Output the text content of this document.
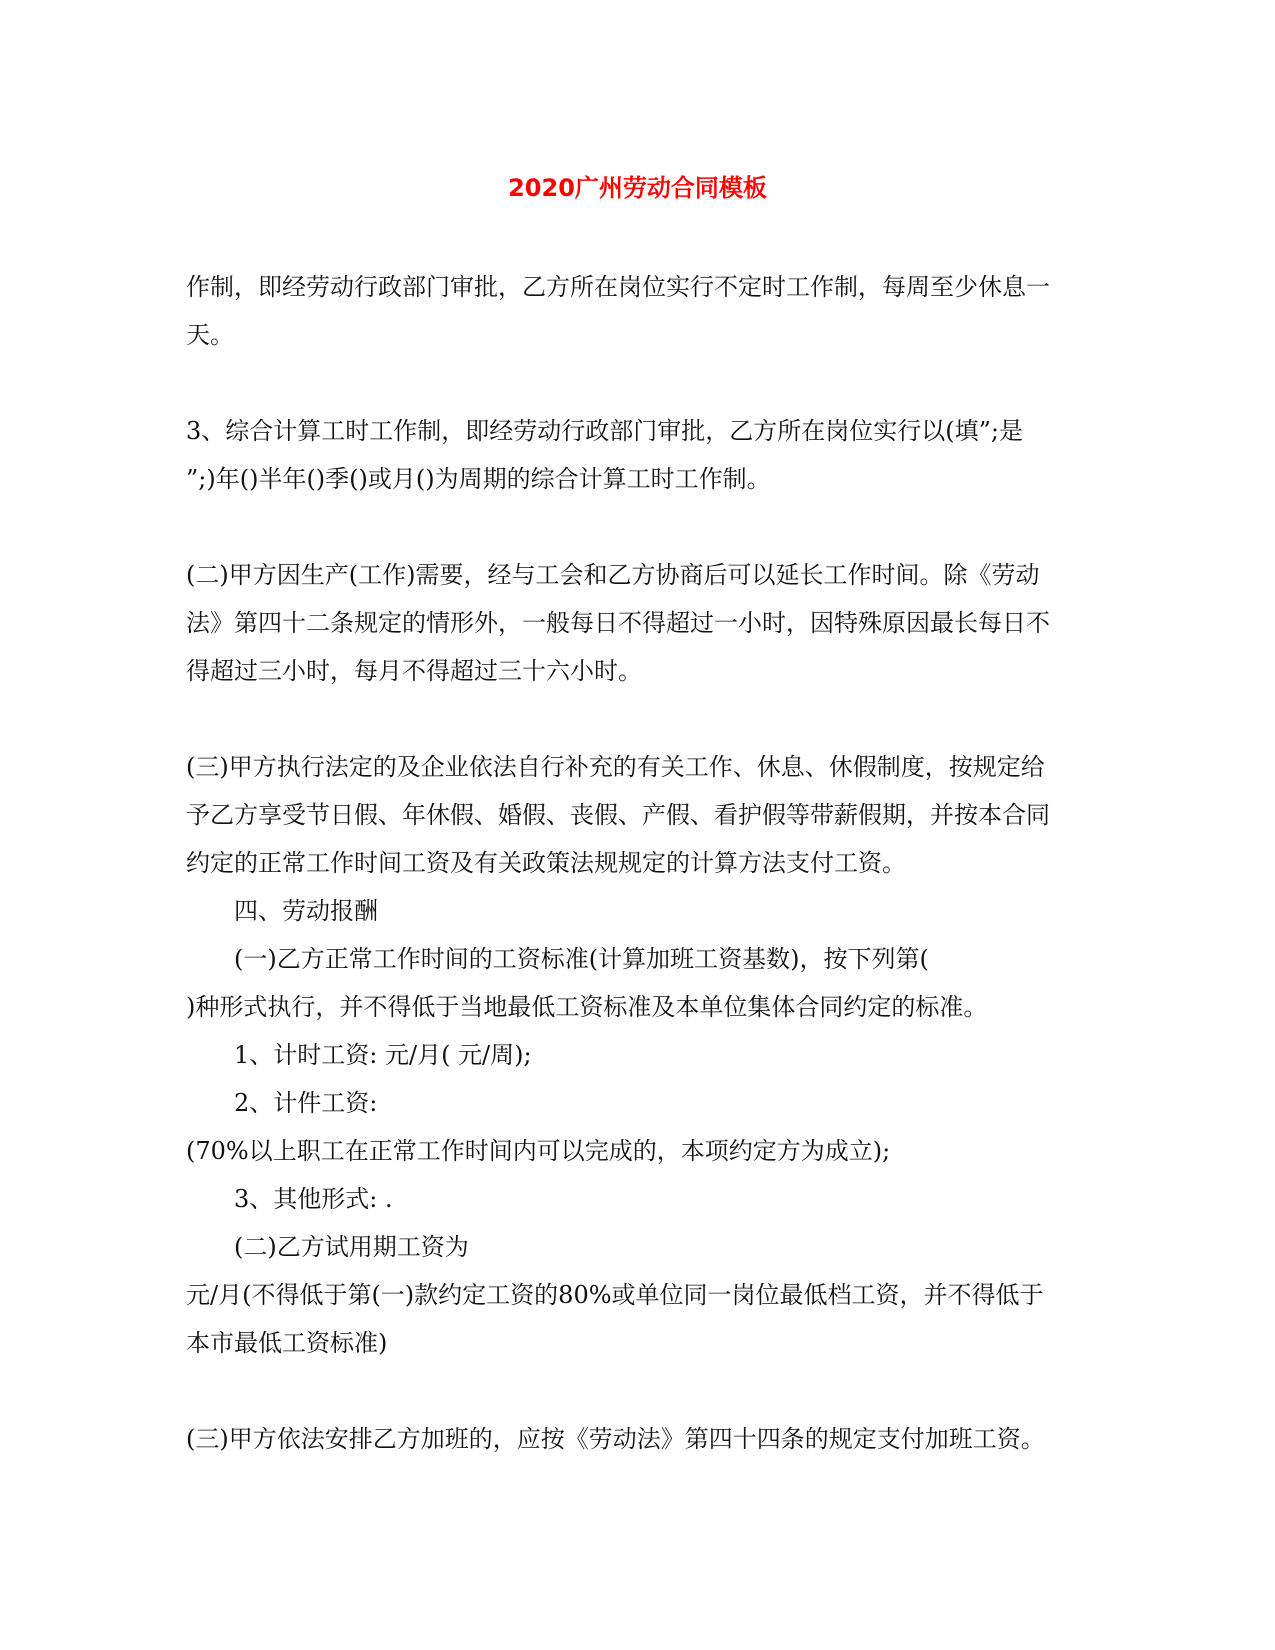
2020广州劳动合同模板

作制，即经劳动行政部门审批，乙方所在岗位实行不定时工作制，每周至少休息一

天。

3、综合计算工时工作制，即经劳动行政部门审批，乙方所在岗位实行以(填”;是

”;)年()半年()季()或月()为周期的综合计算工时工作制。

(二)甲方因生产(工作)需要，经与工会和乙方协商后可以延长工作时间。除《劳动

法》第四十二条规定的情形外，一般每日不得超过一小时，因特殊原因最长每日不

得超过三小时，每月不得超过三十六小时。

(三)甲方执行法定的及企业依法自行补充的有关工作、休息、休假制度，按规定给

予乙方享受节日假、年休假、婚假、丧假、产假、看护假等带薪假期，并按本合同

约定的正常工作时间工资及有关政策法规规定的计算方法支付工资。

四、劳动报酬

(一)乙方正常工作时间的工资标准(计算加班工资基数)，按下列第(

)种形式执行，并不得低于当地最低工资标准及本单位集体合同约定的标准。

1、计时工资: 元/月( 元/周);

2、计件工资:

(70%以上职工在正常工作时间内可以完成的，本项约定方为成立);

3、其他形式: .

(二)乙方试用期工资为

元/月(不得低于第(一)款约定工资的80%或单位同一岗位最低档工资，并不得低于

本市最低工资标准)

(三)甲方依法安排乙方加班的，应按《劳动法》第四十四条的规定支付加班工资。
